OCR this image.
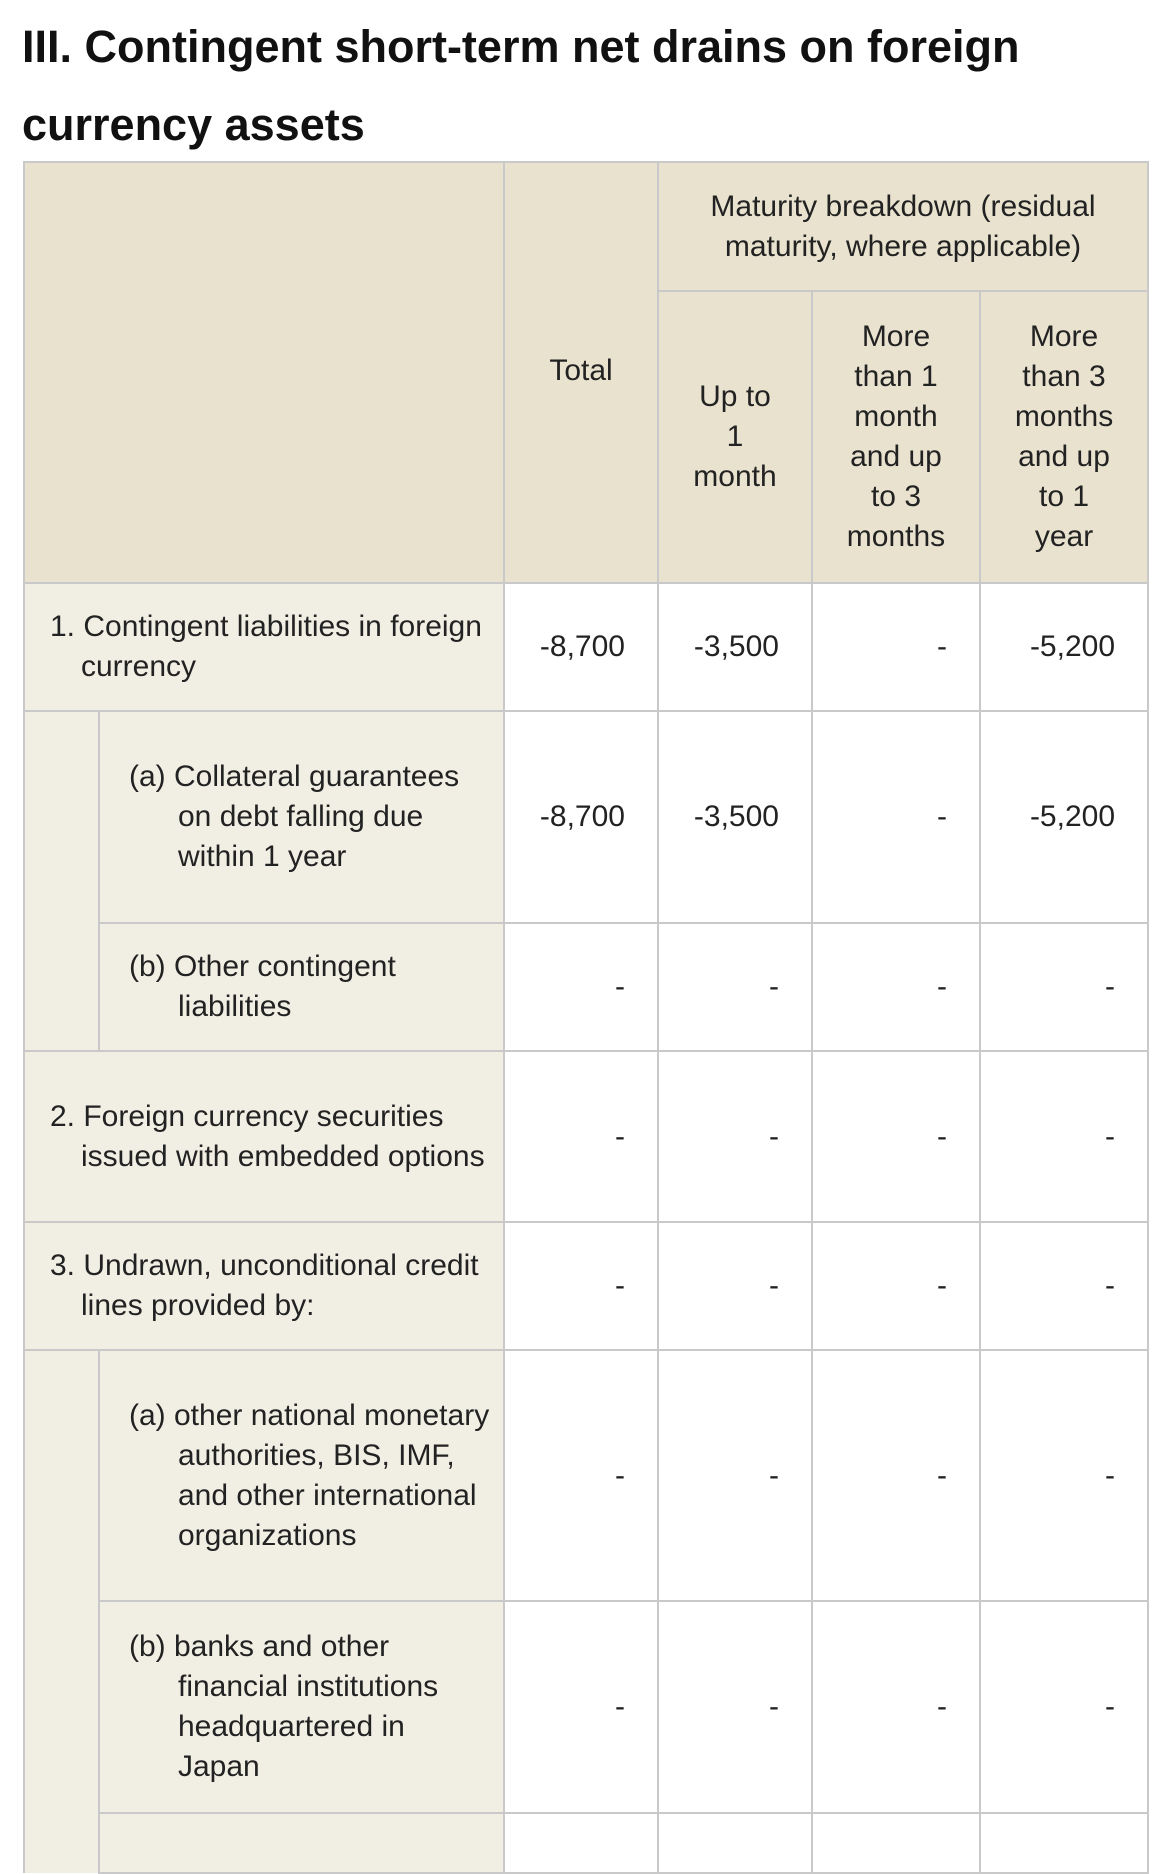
III. Contingent short-term net drains on foreign currency assets

		Total	Maturity breakdown (residual maturity, where applicable)		

			Up to 1 month	More than 1 month and up to 3 months	More than 3 months and up to 1 year

1. Contingent liabilities in foreign currency		-8,700	-3,500	-	-5,200

	(a) Collateral guarantees on debt falling due within 1 year	-8,700	-3,500	-	-5,200

	(b) Other contingent liabilities	-	-	-	-

2. Foreign currency securities issued with embedded options		-	-	-	-

3. Undrawn, unconditional credit lines provided by:		-	-	-	-

	(a) other national monetary authorities, BIS, IMF, and other international organizations	-	-	-	-

	(b) banks and other financial institutions headquartered in Japan	-	-	-	-
